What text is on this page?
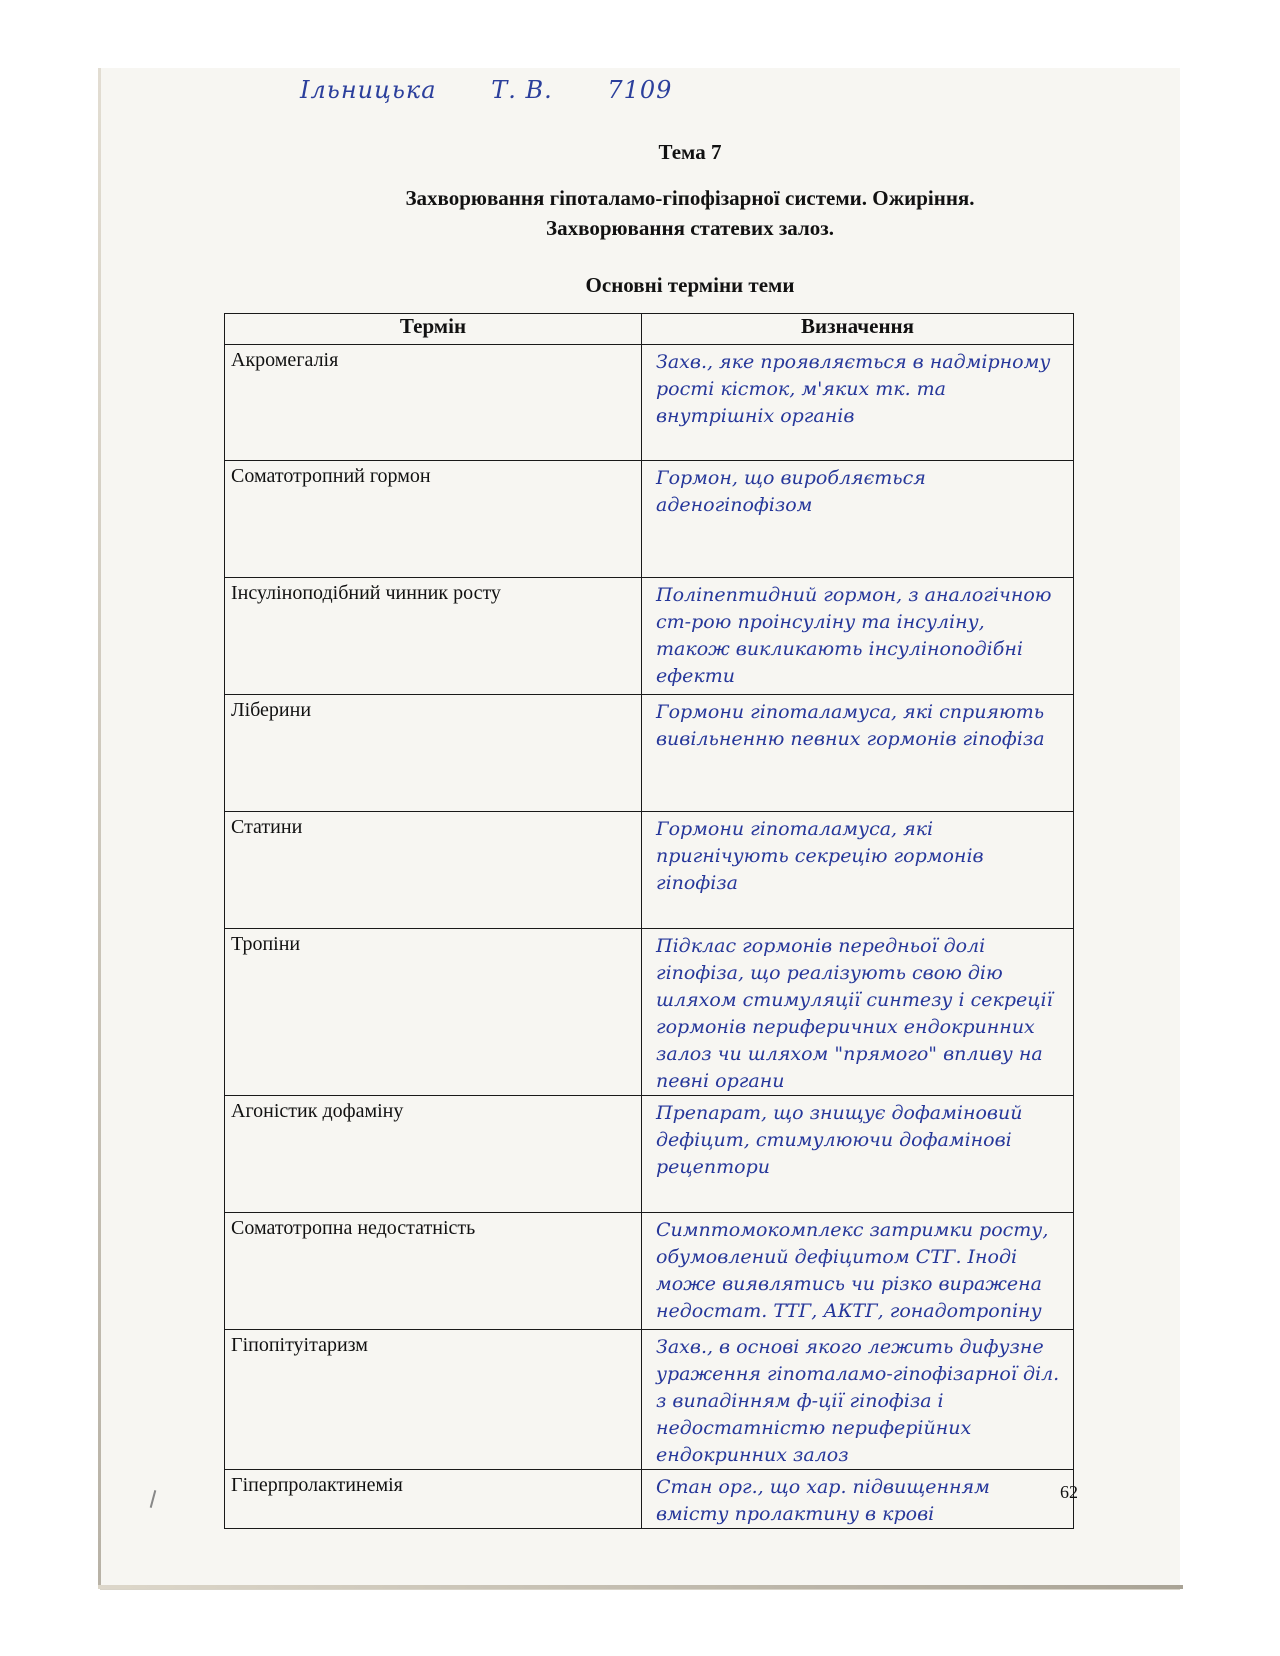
Ільницька Т. В. 7109
Тема 7
Захворювання гіпоталамо-гіпофізарної системи. Ожиріння.
Захворювання статевих залоз.
Основні терміни теми
Термін	Визначення
Акромегалія	Захв., яке проявляється в надмірному рості кісток, м'яких тк. та внутрішніх органів
Соматотропний гормон	Гормон, що виробляється аденогіпофізом
Інсуліноподібний чинник росту	Поліпептидний гормон, з аналогічною ст-рою проінсуліну та інсуліну, також викликають інсуліноподібні ефекти
Ліберини	Гормони гіпоталамуса, які сприяють вивільненню певних гормонів гіпофіза
Статини	Гормони гіпоталамуса, які пригнічують секрецію гормонів гіпофіза
Тропіни	Підклас гормонів передньої долі гіпофіза, що реалізують свою дію шляхом стимуляції синтезу і секреції гормонів периферичних ендокринних залоз чи шляхом "прямого" впливу на певні органи
Агоністик дофаміну	Препарат, що знищує дофаміновий дефіцит, стимулюючи дофамінові рецептори
Соматотропна недостатність	Симптомокомплекс затримки росту, обумовлений дефіцитом СТГ. Іноді може виявлятись чи різко виражена недостат. ТТГ, АКТГ, гонадотропіну
Гіпопітуітаризм	Захв., в основі якого лежить дифузне ураження гіпоталамо-гіпофізарної діл. з випадінням ф-ції гіпофіза і недостатністю периферійних ендокринних залоз
Гіперпролактинемія	Стан орг., що хар. підвищенням вмісту пролактину в крові
62
